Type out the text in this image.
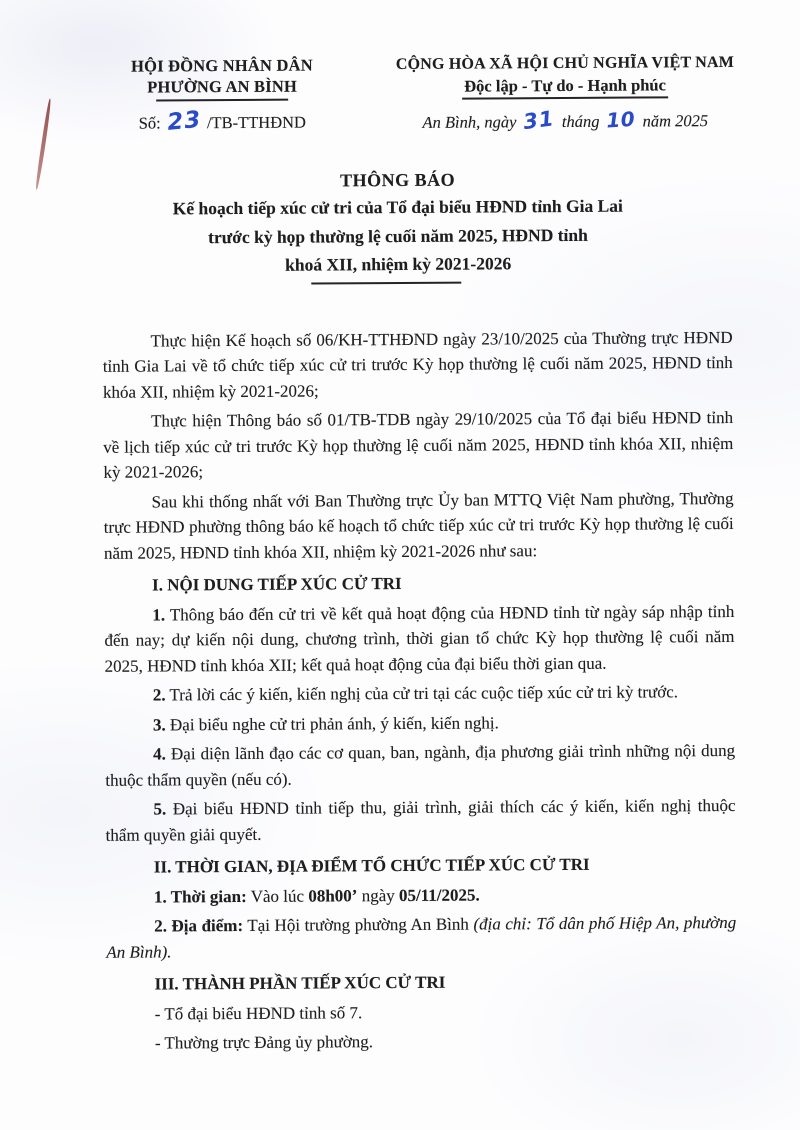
HỘI ĐỒNG NHÂN DÂN
PHƯỜNG AN BÌNH
Số: 23 /TB-TTHĐND
CỘNG HÒA XÃ HỘI CHỦ NGHĨA VIỆT NAM
Độc lập - Tự do - Hạnh phúc
An Bình, ngày 31 tháng 10 năm 2025
THÔNG BÁO
Kế hoạch tiếp xúc cử tri của Tổ đại biểu HĐND tỉnh Gia Lai
trước kỳ họp thường lệ cuối năm 2025, HĐND tỉnh
khoá XII, nhiệm kỳ 2021-2026

Thực hiện Kế hoạch số 06/KH-TTHĐND ngày 23/10/2025 của Thường trực HĐND tỉnh Gia Lai về tổ chức tiếp xúc cử tri trước Kỳ họp thường lệ cuối năm 2025, HĐND tỉnh khóa XII, nhiệm kỳ 2021-2026;

Thực hiện Thông báo số 01/TB-TDB ngày 29/10/2025 của Tổ đại biểu HĐND tỉnh về lịch tiếp xúc cử tri trước Kỳ họp thường lệ cuối năm 2025, HĐND tỉnh khóa XII, nhiệm kỳ 2021-2026;

Sau khi thống nhất với Ban Thường trực Ủy ban MTTQ Việt Nam phường, Thường trực HĐND phường thông báo kế hoạch tổ chức tiếp xúc cử tri trước Kỳ họp thường lệ cuối năm 2025, HĐND tỉnh khóa XII, nhiệm kỳ 2021-2026 như sau:

I. NỘI DUNG TIẾP XÚC CỬ TRI

1. Thông báo đến cử tri về kết quả hoạt động của HĐND tỉnh từ ngày sáp nhập tỉnh đến nay; dự kiến nội dung, chương trình, thời gian tổ chức Kỳ họp thường lệ cuối năm 2025, HĐND tỉnh khóa XII; kết quả hoạt động của đại biểu thời gian qua.

2. Trả lời các ý kiến, kiến nghị của cử tri tại các cuộc tiếp xúc cử tri kỳ trước.

3. Đại biểu nghe cử tri phản ánh, ý kiến, kiến nghị.

4. Đại diện lãnh đạo các cơ quan, ban, ngành, địa phương giải trình những nội dung thuộc thẩm quyền (nếu có).

5. Đại biểu HĐND tỉnh tiếp thu, giải trình, giải thích các ý kiến, kiến nghị thuộc thẩm quyền giải quyết.

II. THỜI GIAN, ĐỊA ĐIỂM TỔ CHỨC TIẾP XÚC CỬ TRI

1. Thời gian: Vào lúc 08h00’ ngày 05/11/2025.

2. Địa điểm: Tại Hội trường phường An Bình (địa chỉ: Tổ dân phố Hiệp An, phường An Bình).

III. THÀNH PHẦN TIẾP XÚC CỬ TRI

- Tổ đại biểu HĐND tỉnh số 7.

- Thường trực Đảng ủy phường.
